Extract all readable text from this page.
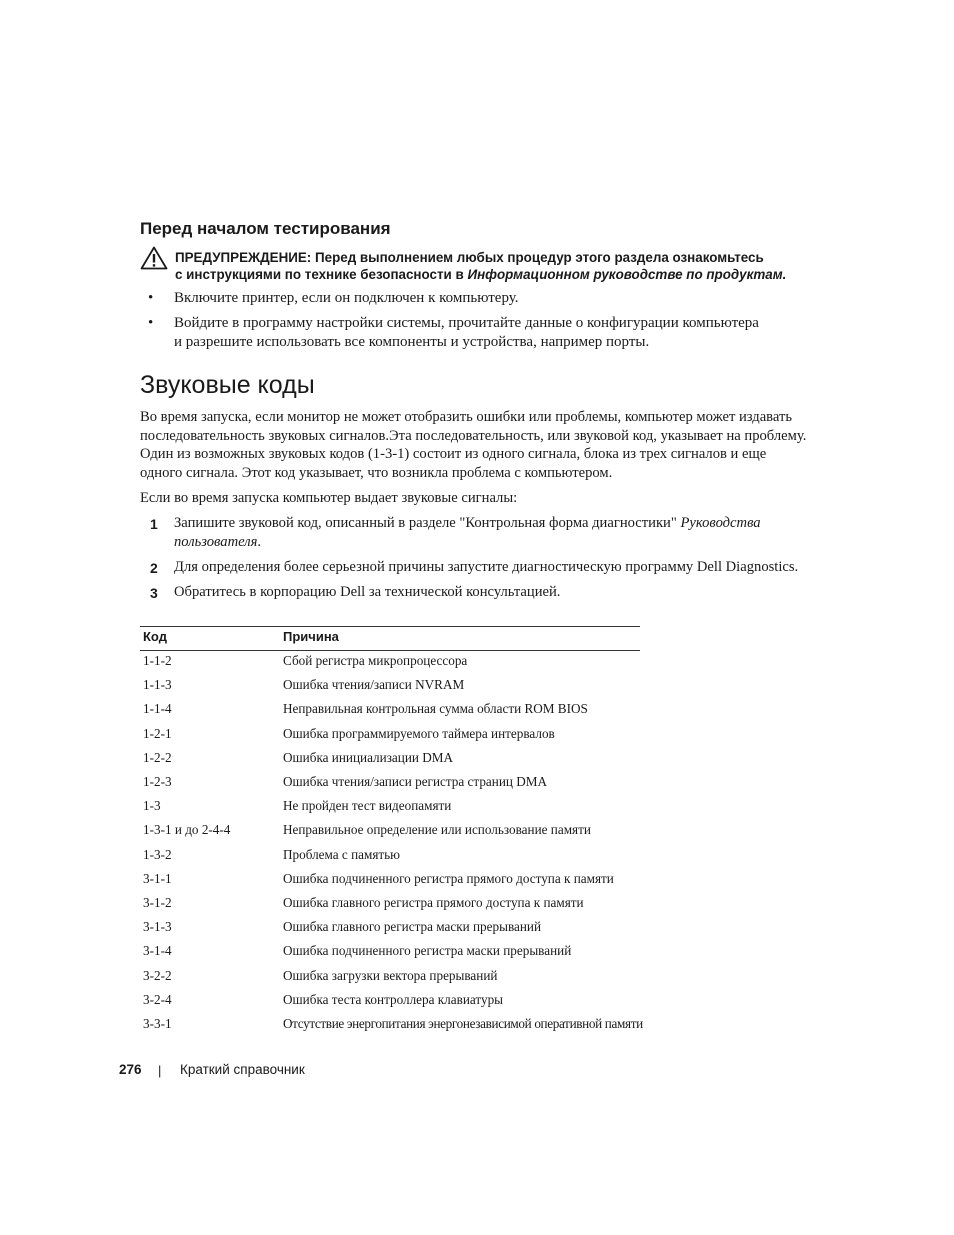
Перед началом тестирования
ПРЕДУПРЕЖДЕНИЕ: Перед выполнением любых процедур этого раздела ознакомьтесь
с инструкциями по технике безопасности в Информационном руководстве по продуктам.
• Включите принтер, если он подключен к компьютеру.
• Войдите в программу настройки системы, прочитайте данные о конфигурации компьютера
и разрешите использовать все компоненты и устройства, например порты.
Звуковые коды
Во время запуска, если монитор не может отобразить ошибки или проблемы, компьютер может издавать
последовательность звуковых сигналов.Эта последовательность, или звуковой код, указывает на проблему.
Один из возможных звуковых кодов (1-3-1) состоит из одного сигнала, блока из трех сигналов и еще
одного сигнала. Этот код указывает, что возникла проблема с компьютером.
Если во время запуска компьютер выдает звуковые сигналы:
1 Запишите звуковой код, описанный в разделе "Контрольная форма диагностики" Руководства
пользователя.
2 Для определения более серьезной причины запустите диагностическую программу Dell Diagnostics.
3 Обратитесь в корпорацию Dell за технической консультацией.
Код	Причина
1-1-2	Сбой регистра микропроцессора
1-1-3	Ошибка чтения/записи NVRAM
1-1-4	Неправильная контрольная сумма области ROM BIOS
1-2-1	Ошибка программируемого таймера интервалов
1-2-2	Ошибка инициализации DMA
1-2-3	Ошибка чтения/записи регистра страниц DMA
1-3	Не пройден тест видеопамяти
1-3-1 и до 2-4-4	Неправильное определение или использование памяти
1-3-2	Проблема с памятью
3-1-1	Ошибка подчиненного регистра прямого доступа к памяти
3-1-2	Ошибка главного регистра прямого доступа к памяти
3-1-3	Ошибка главного регистра маски прерываний
3-1-4	Ошибка подчиненного регистра маски прерываний
3-2-2	Ошибка загрузки вектора прерываний
3-2-4	Ошибка теста контроллера клавиатуры
3-3-1	Отсутствие энергопитания энергонезависимой оперативной памяти
276 | Краткий справочник
